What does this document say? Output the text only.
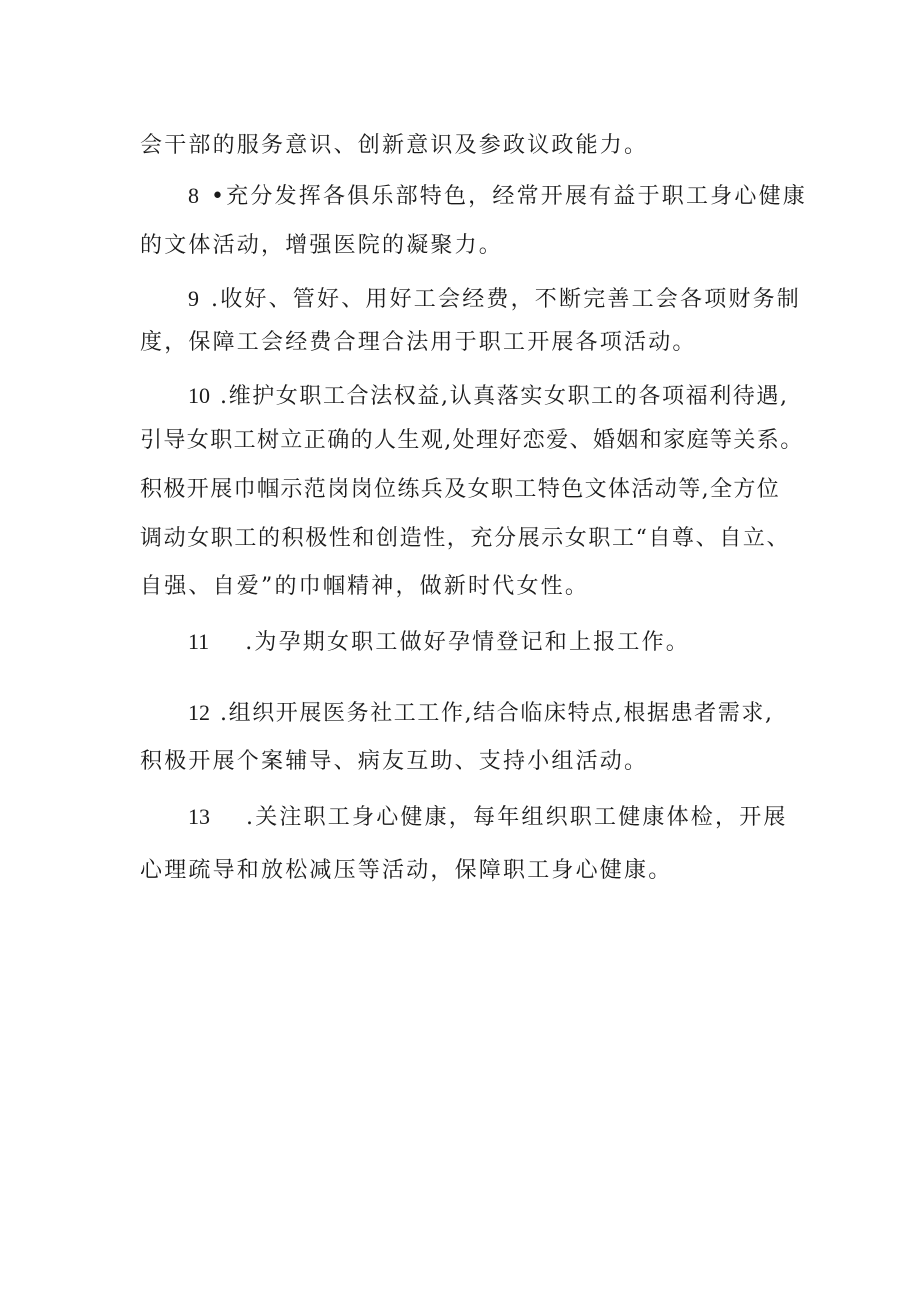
会干部的服务意识、创新意识及参政议政能力。
8 •充分发挥各俱乐部特色，经常开展有益于职工身心健康
的文体活动，增强医院的凝聚力。
9 .收好、管好、用好工会经费，不断完善工会各项财务制
度，保障工会经费合理合法用于职工开展各项活动。
10 .维护女职工合法权益,认真落实女职工的各项福利待遇,
引导女职工树立正确的人生观,处理好恋爱、婚姻和家庭等关系。
积极开展巾帼示范岗岗位练兵及女职工特色文体活动等,全方位
调动女职工的积极性和创造性，充分展示女职工“自尊、自立、
自强、自爱”的巾帼精神，做新时代女性。
11 .为孕期女职工做好孕情登记和上报工作。
12 .组织开展医务社工工作,结合临床特点,根据患者需求,
积极开展个案辅导、病友互助、支持小组活动。
13 .关注职工身心健康，每年组织职工健康体检，开展
心理疏导和放松减压等活动，保障职工身心健康。
